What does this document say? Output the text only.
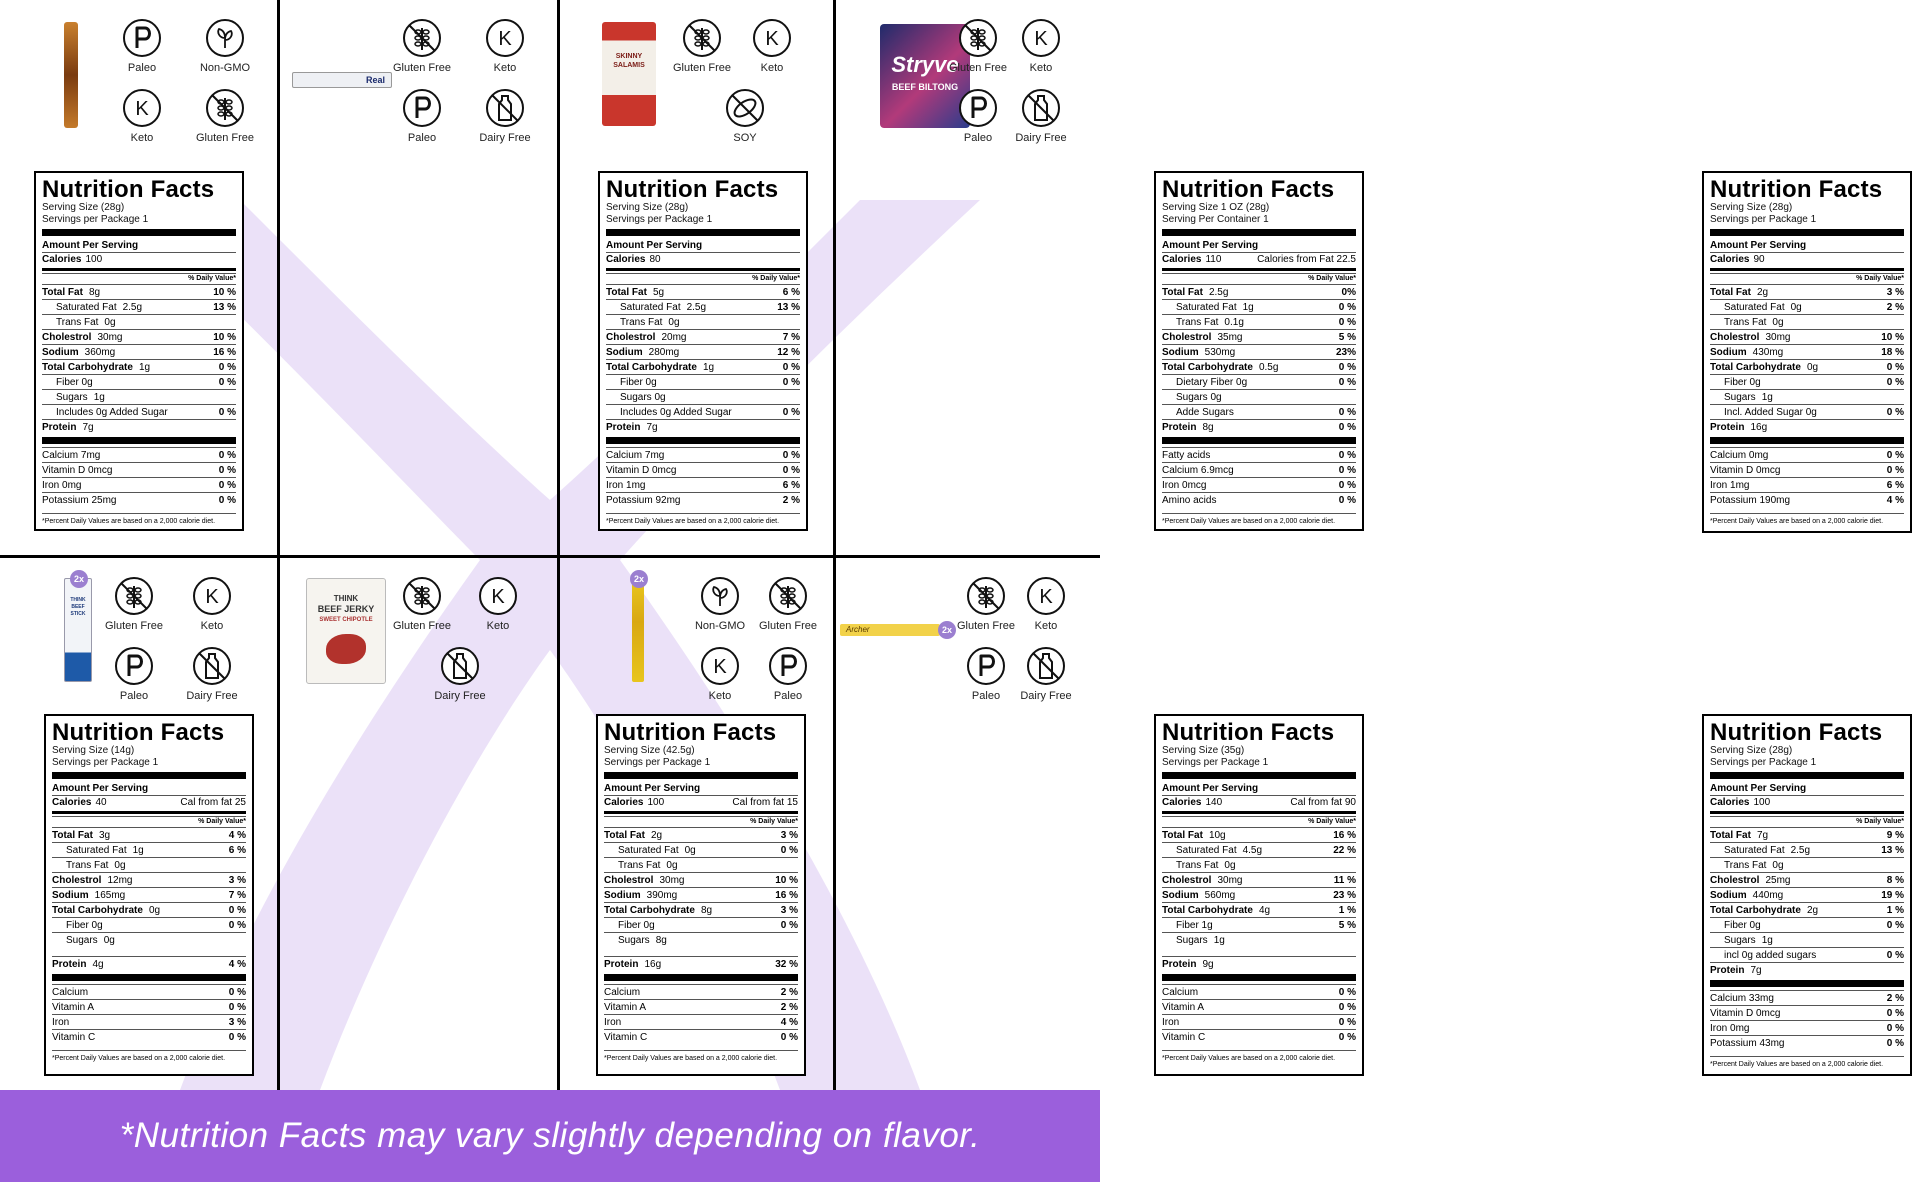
Paleo	Non-GMO
K
Keto	Gluten Free
Nutrition Facts
Serving Size (28g)
Servings per Package 1
Amount Per Serving
Calories 100
% Daily Value*
Total Fat 8g	10 %
Saturated Fat 2.5g	13 %
Trans Fat 0g
Cholestrol 30mg	10 %
Sodium 360mg	16 %
Total Carbohydrate 1g	0 %
Fiber 0g	0 %
Sugars 1g
Includes 0g Added Sugar	0 %
Protein 7g
Calcium 7mg	0 %
Vitamin D 0mcg	0 %
Iron 0mg	0 %
Potassium 25mg	0 %
*Percent Daily Values are based on a 2,000 calorie diet.
Real
Gluten Free
K
Keto
Paleo	Dairy Free
Nutrition Facts
Serving Size (28g)
Servings per Package 1
Amount Per Serving
Calories 80
% Daily Value*
Total Fat 5g	6 %
Saturated Fat 2.5g	13 %
Trans Fat 0g
Cholestrol 20mg	7 %
Sodium 280mg	12 %
Total Carbohydrate 1g	0 %
Fiber 0g	0 %
Sugars 0g
Includes 0g Added Sugar	0 %
Protein 7g
Calcium 7mg	0 %
Vitamin D 0mcg	0 %
Iron 1mg	6 %
Potassium 92mg	2 %
*Percent Daily Values are based on a 2,000 calorie diet.
SKINNY SALAMIS	Gluten Free
K
Keto
SOY
Nutrition Facts
Serving Size 1 OZ (28g)
Serving Per Container 1
Amount Per Serving
Calories 110	Calories from Fat 22.5
% Daily Value*
Total Fat 2.5g	0%
Saturated Fat 1g	0 %
Trans Fat 0.1g	0 %
Cholestrol 35mg	5 %
Sodium 530mg	23%
Total Carbohydrate 0.5g	0 %
Dietary Fiber 0g	0 %
Sugars 0g
Adde Sugars	0 %
Protein 8g	0 %
Fatty acids	0 %
Calcium 6.9mcg	0 %
Iron 0mcg	0 %
Amino acids	0 %
*Percent Daily Values are based on a 2,000 calorie diet.
Stryve
BEEF BILTONG
Gluten Free
K
Keto
Paleo	Dairy Free
Nutrition Facts
Serving Size (28g)
Servings per Package 1
Amount Per Serving
Calories 90
% Daily Value*
Total Fat 2g	3 %
Saturated Fat 0g	2 %
Trans Fat 0g
Cholestrol 30mg	10 %
Sodium 430mg	18 %
Total Carbohydrate 0g	0 %
Fiber 0g	0 %
Sugars 1g
Incl. Added Sugar 0g	0 %
Protein 16g
Calcium 0mg	0 %
Vitamin D 0mcg	0 %
Iron 1mg	6 %
Potassium 190mg	4 %
*Percent Daily Values are based on a 2,000 calorie diet.
THINK
BEEF STICK
2x
Gluten Free
K
Keto
Paleo	Dairy Free
Nutrition Facts
Serving Size (14g)
Servings per Package 1
Amount Per Serving
Calories 40	Cal from fat 25
% Daily Value*
Total Fat 3g	4 %
Saturated Fat 1g	6 %
Trans Fat 0g
Cholestrol 12mg	3 %
Sodium 165mg	7 %
Total Carbohydrate 0g	0 %
Fiber 0g	0 %
Sugars 0g
Protein 4g	4 %
Calcium	0 %
Vitamin A	0 %
Iron	3 %
Vitamin C	0 %
*Percent Daily Values are based on a 2,000 calorie diet.
THINK
BEEF JERKY
SWEET CHIPOTLE	Gluten Free
K
Keto
Dairy Free
Nutrition Facts
Serving Size (42.5g)
Servings per Package 1
Amount Per Serving
Calories 100	Cal from fat 15
% Daily Value*
Total Fat 2g	3 %
Saturated Fat 0g	0 %
Trans Fat 0g
Cholestrol 30mg	10 %
Sodium 390mg	16 %
Total Carbohydrate 8g	3 %
Fiber 0g	0 %
Sugars 8g
Protein 16g	32 %
Calcium	2 %
Vitamin A	2 %
Iron	4 %
Vitamin C	0 %
*Percent Daily Values are based on a 2,000 calorie diet.
2x
Non-GMO	Gluten Free
K
Keto	Paleo
Nutrition Facts
Serving Size (35g)
Servings per Package 1
Amount Per Serving
Calories 140	Cal from fat 90
% Daily Value*
Total Fat 10g	16 %
Saturated Fat 4.5g	22 %
Trans Fat 0g
Cholestrol 30mg	11 %
Sodium 560mg	23 %
Total Carbohydrate 4g	1 %
Fiber 1g	5 %
Sugars 1g
Protein 9g
Calcium	0 %
Vitamin A	0 %
Iron	0 %
Vitamin C	0 %
*Percent Daily Values are based on a 2,000 calorie diet.
Archer	2x Gluten Free
K
Keto
Paleo	Dairy Free
Nutrition Facts
Serving Size (28g)
Servings per Package 1
Amount Per Serving
Calories 100
% Daily Value*
Total Fat 7g	9 %
Saturated Fat 2.5g	13 %
Trans Fat 0g
Cholestrol 25mg	8 %
Sodium 440mg	19 %
Total Carbohydrate 2g	1 %
Fiber 0g	0 %
Sugars 1g
incl 0g added sugars	0 %
Protein 7g
Calcium 33mg	2 %
Vitamin D 0mcg	0 %
Iron 0mg	0 %
Potassium 43mg	0 %
*Percent Daily Values are based on a 2,000 calorie diet.
*Nutrition Facts may vary slightly depending on flavor.
